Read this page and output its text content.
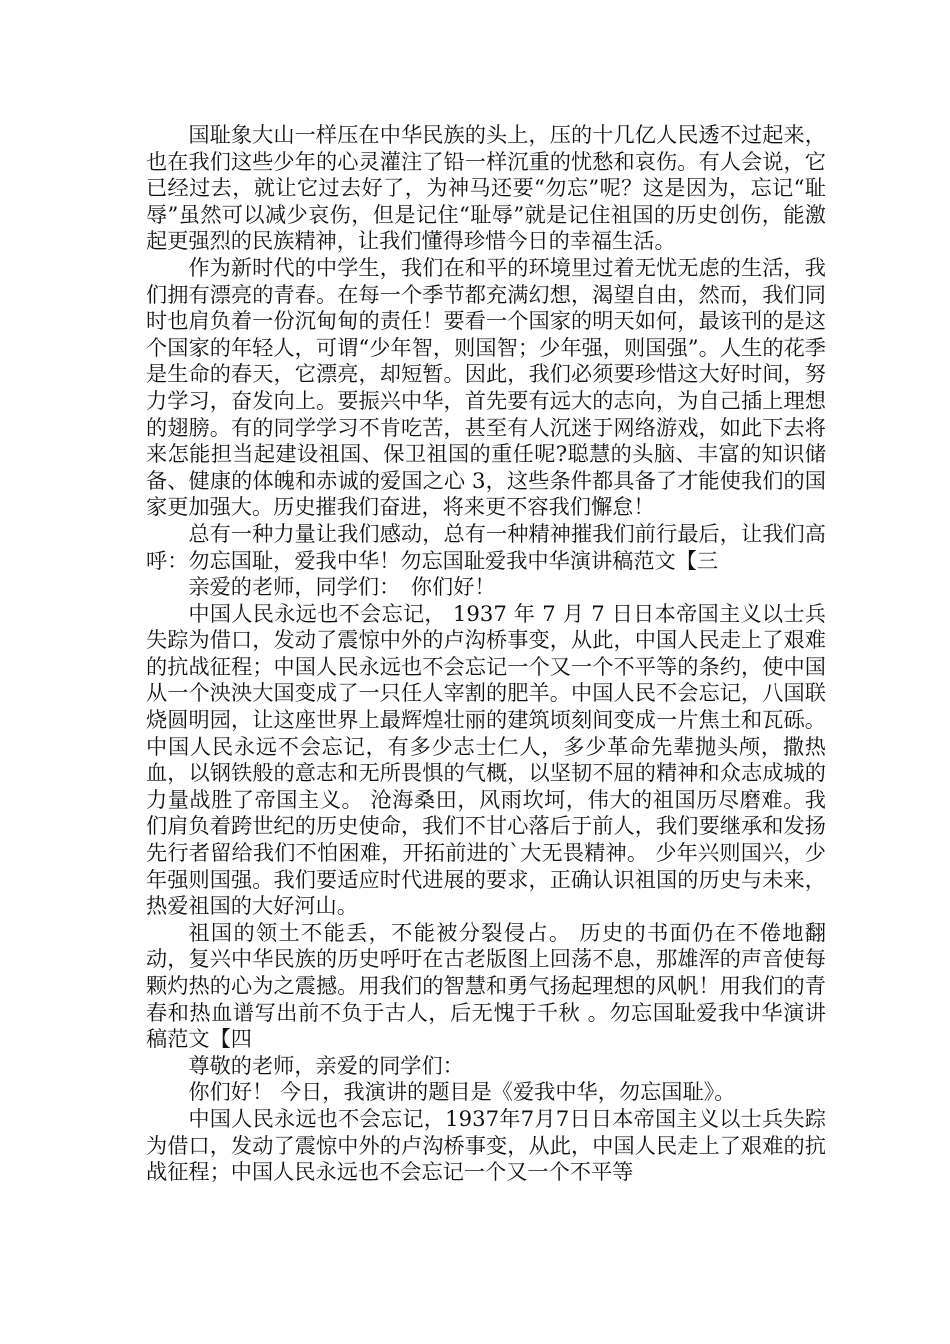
国耻象大山一样压在中华民族的头上，压的十几亿人民透不过起来，也在我们这些少年的心灵灌注了铅一样沉重的忧愁和哀伤。有人会说，它已经过去，就让它过去好了，为神马还要“勿忘”呢？这是因为，忘记“耻辱”虽然可以减少哀伤，但是记住“耻辱”就是记住祖国的历史创伤，能激起更强烈的民族精神，让我们懂得珍惜今日的幸福生活。

作为新时代的中学生，我们在和平的环境里过着无忧无虑的生活，我们拥有漂亮的青春。在每一个季节都充满幻想，渴望自由，然而，我们同时也肩负着一份沉甸甸的责任！要看一个国家的明天如何，最该刊的是这个国家的年轻人，可谓“少年智，则国智；少年强，则国强”。人生的花季是生命的春天，它漂亮，却短暂。因此，我们必须要珍惜这大好时间，努力学习，奋发向上。要振兴中华，首先要有远大的志向，为自己插上理想的翅膀。有的同学学习不肯吃苦，甚至有人沉迷于网络游戏，如此下去将来怎能担当起建设祖国、保卫祖国的重任呢?聪慧的头脑、丰富的知识储备、健康的体魄和赤诚的爱国之心 3，这些条件都具备了才能使我们的国家更加强大。历史摧我们奋进，将来更不容我们懈怠！

总有一种力量让我们感动，总有一种精神摧我们前行最后，让我们高呼：勿忘国耻，爱我中华！勿忘国耻爱我中华演讲稿范文【三

亲爱的老师，同学们：　你们好！

中国人民永远也不会忘记， 1937 年 7 月 7 日日本帝国主义以士兵失踪为借口，发动了震惊中外的卢沟桥事变，从此，中国人民走上了艰难的抗战征程；中国人民永远也不会忘记一个又一个不平等的条约，使中国从一个泱泱大国变成了一只任人宰割的肥羊。中国人民不会忘记，八国联烧圆明园，让这座世界上最辉煌壮丽的建筑顷刻间变成一片焦土和瓦砾。中国人民永远不会忘记，有多少志士仁人，多少革命先辈抛头颅，撒热血，以钢铁般的意志和无所畏惧的气概，以坚韧不屈的精神和众志成城的力量战胜了帝国主义。 沧海桑田，风雨坎坷，伟大的祖国历尽磨难。我们肩负着跨世纪的历史使命，我们不甘心落后于前人，我们要继承和发扬先行者留给我们不怕困难，开拓前进的`大无畏精神。 少年兴则国兴，少年强则国强。我们要适应时代进展的要求，正确认识祖国的历史与未来，热爱祖国的大好河山。

祖国的领土不能丢，不能被分裂侵占。 历史的书面仍在不倦地翻动，复兴中华民族的历史呼吁在古老版图上回荡不息，那雄浑的声音使每颗灼热的心为之震撼。用我们的智慧和勇气扬起理想的风帆！用我们的青春和热血谱写出前不负于古人，后无愧于千秋 。勿忘国耻爱我中华演讲稿范文【四

尊敬的老师，亲爱的同学们：

你们好！ 今日，我演讲的题目是《爱我中华，勿忘国耻》。

中国人民永远也不会忘记，1937年7月7日日本帝国主义以士兵失踪为借口，发动了震惊中外的卢沟桥事变，从此，中国人民走上了艰难的抗战征程；中国人民永远也不会忘记一个又一个不平等
